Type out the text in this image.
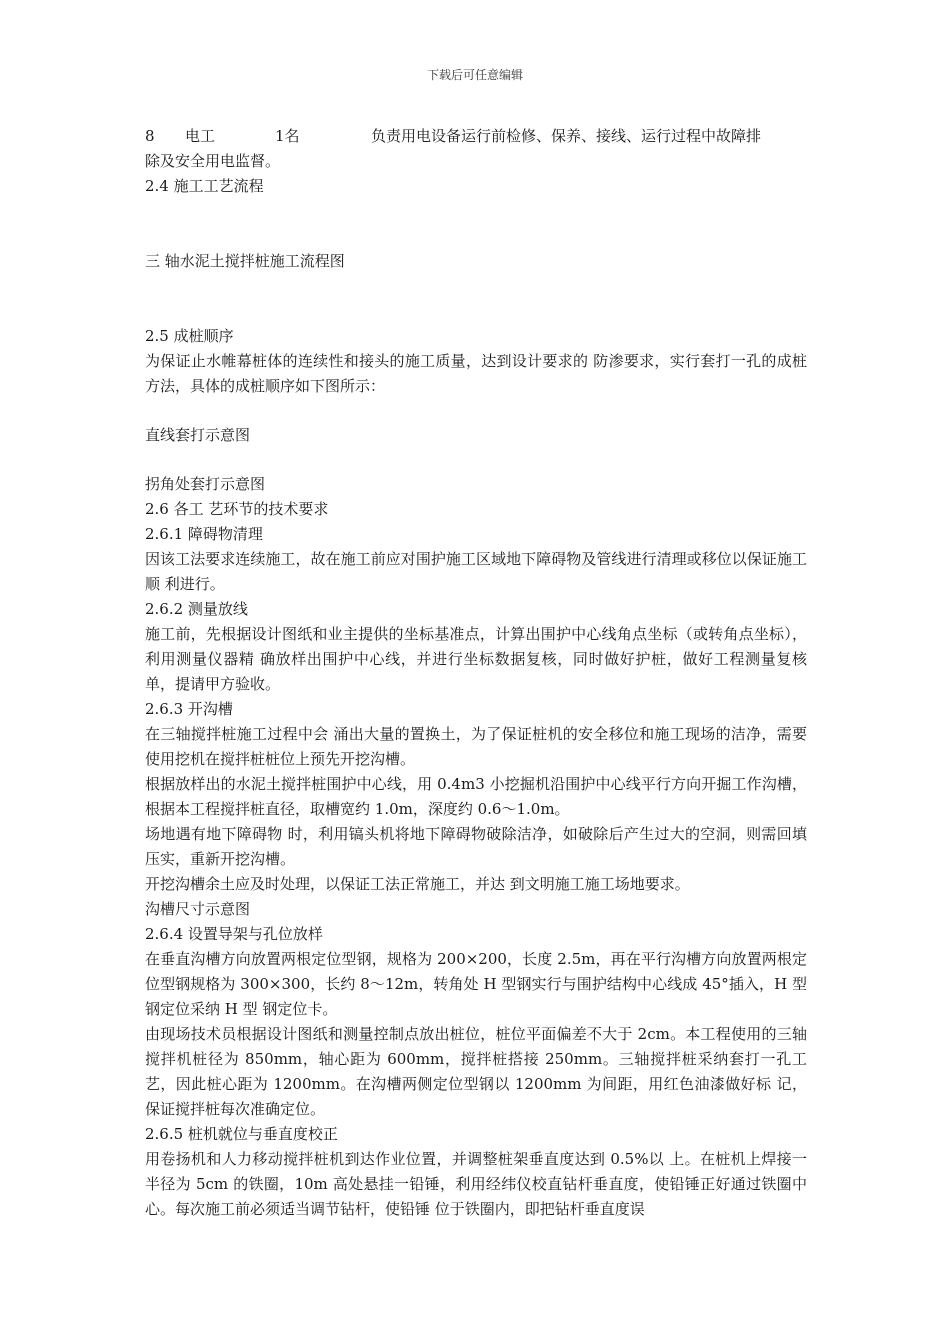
下载后可任意编辑
8	电工	1名	负责用电设备运行前检修、保养、接线、运行过程中故障排

除及安全用电监督。

2.4 施工工艺流程

三 轴水泥土搅拌桩施工流程图

2.5 成桩顺序

为保证止水帷幕桩体的连续性和接头的施工质量，达到设计要求的 防渗要求，实行套打一孔的成桩方法，具体的成桩顺序如下图所示：

直线套打示意图

拐角处套打示意图

2.6 各工 艺环节的技术要求

2.6.1 障碍物清理

因该工法要求连续施工，故在施工前应对围护施工区域地下障碍物及管线进行清理或移位以保证施工顺 利进行。

2.6.2 测量放线

施工前，先根据设计图纸和业主提供的坐标基准点，计算出围护中心线角点坐标（或转角点坐标），利用测量仪器精 确放样出围护中心线，并进行坐标数据复核，同时做好护桩，做好工程测量复核单，提请甲方验收。

2.6.3 开沟槽

在三轴搅拌桩施工过程中会 涌出大量的置换土，为了保证桩机的安全移位和施工现场的洁净，需要使用挖机在搅拌桩桩位上预先开挖沟槽。

根据放样出的水泥土搅拌桩围护中心线，用 0.4m3 小挖掘机沿围护中心线平行方向开掘工作沟槽，根据本工程搅拌桩直径，取槽宽约 1.0m，深度约 0.6～1.0m。

场地遇有地下障碍物 时，利用镐头机将地下障碍物破除洁净，如破除后产生过大的空洞，则需回填压实，重新开挖沟槽。

开挖沟槽余土应及时处理，以保证工法正常施工，并达 到文明施工施工场地要求。

沟槽尺寸示意图

2.6.4 设置导架与孔位放样

在垂直沟槽方向放置两根定位型钢，规格为 200×200，长度 2.5m，再在平行沟槽方向放置两根定位型钢规格为 300×300，长约 8～12m，转角处 H 型钢实行与围护结构中心线成 45°插入，H 型钢定位采纳 H 型 钢定位卡。

由现场技术员根据设计图纸和测量控制点放出桩位，桩位平面偏差不大于 2cm。本工程使用的三轴搅拌机桩径为 850mm，轴心距为 600mm，搅拌桩搭接 250mm。三轴搅拌桩采纳套打一孔工艺，因此桩心距为 1200mm。在沟槽两侧定位型钢以 1200mm 为间距，用红色油漆做好标 记，保证搅拌桩每次准确定位。

2.6.5 桩机就位与垂直度校正

用卷扬机和人力移动搅拌桩机到达作业位置，并调整桩架垂直度达到 0.5%以 上。在桩机上焊接一半径为 5cm 的铁圈，10m 高处悬挂一铅锤，利用经纬仪校直钻杆垂直度，使铅锤正好通过铁圈中心。每次施工前必须适当调节钻杆，使铅锤 位于铁圈内，即把钻杆垂直度误
